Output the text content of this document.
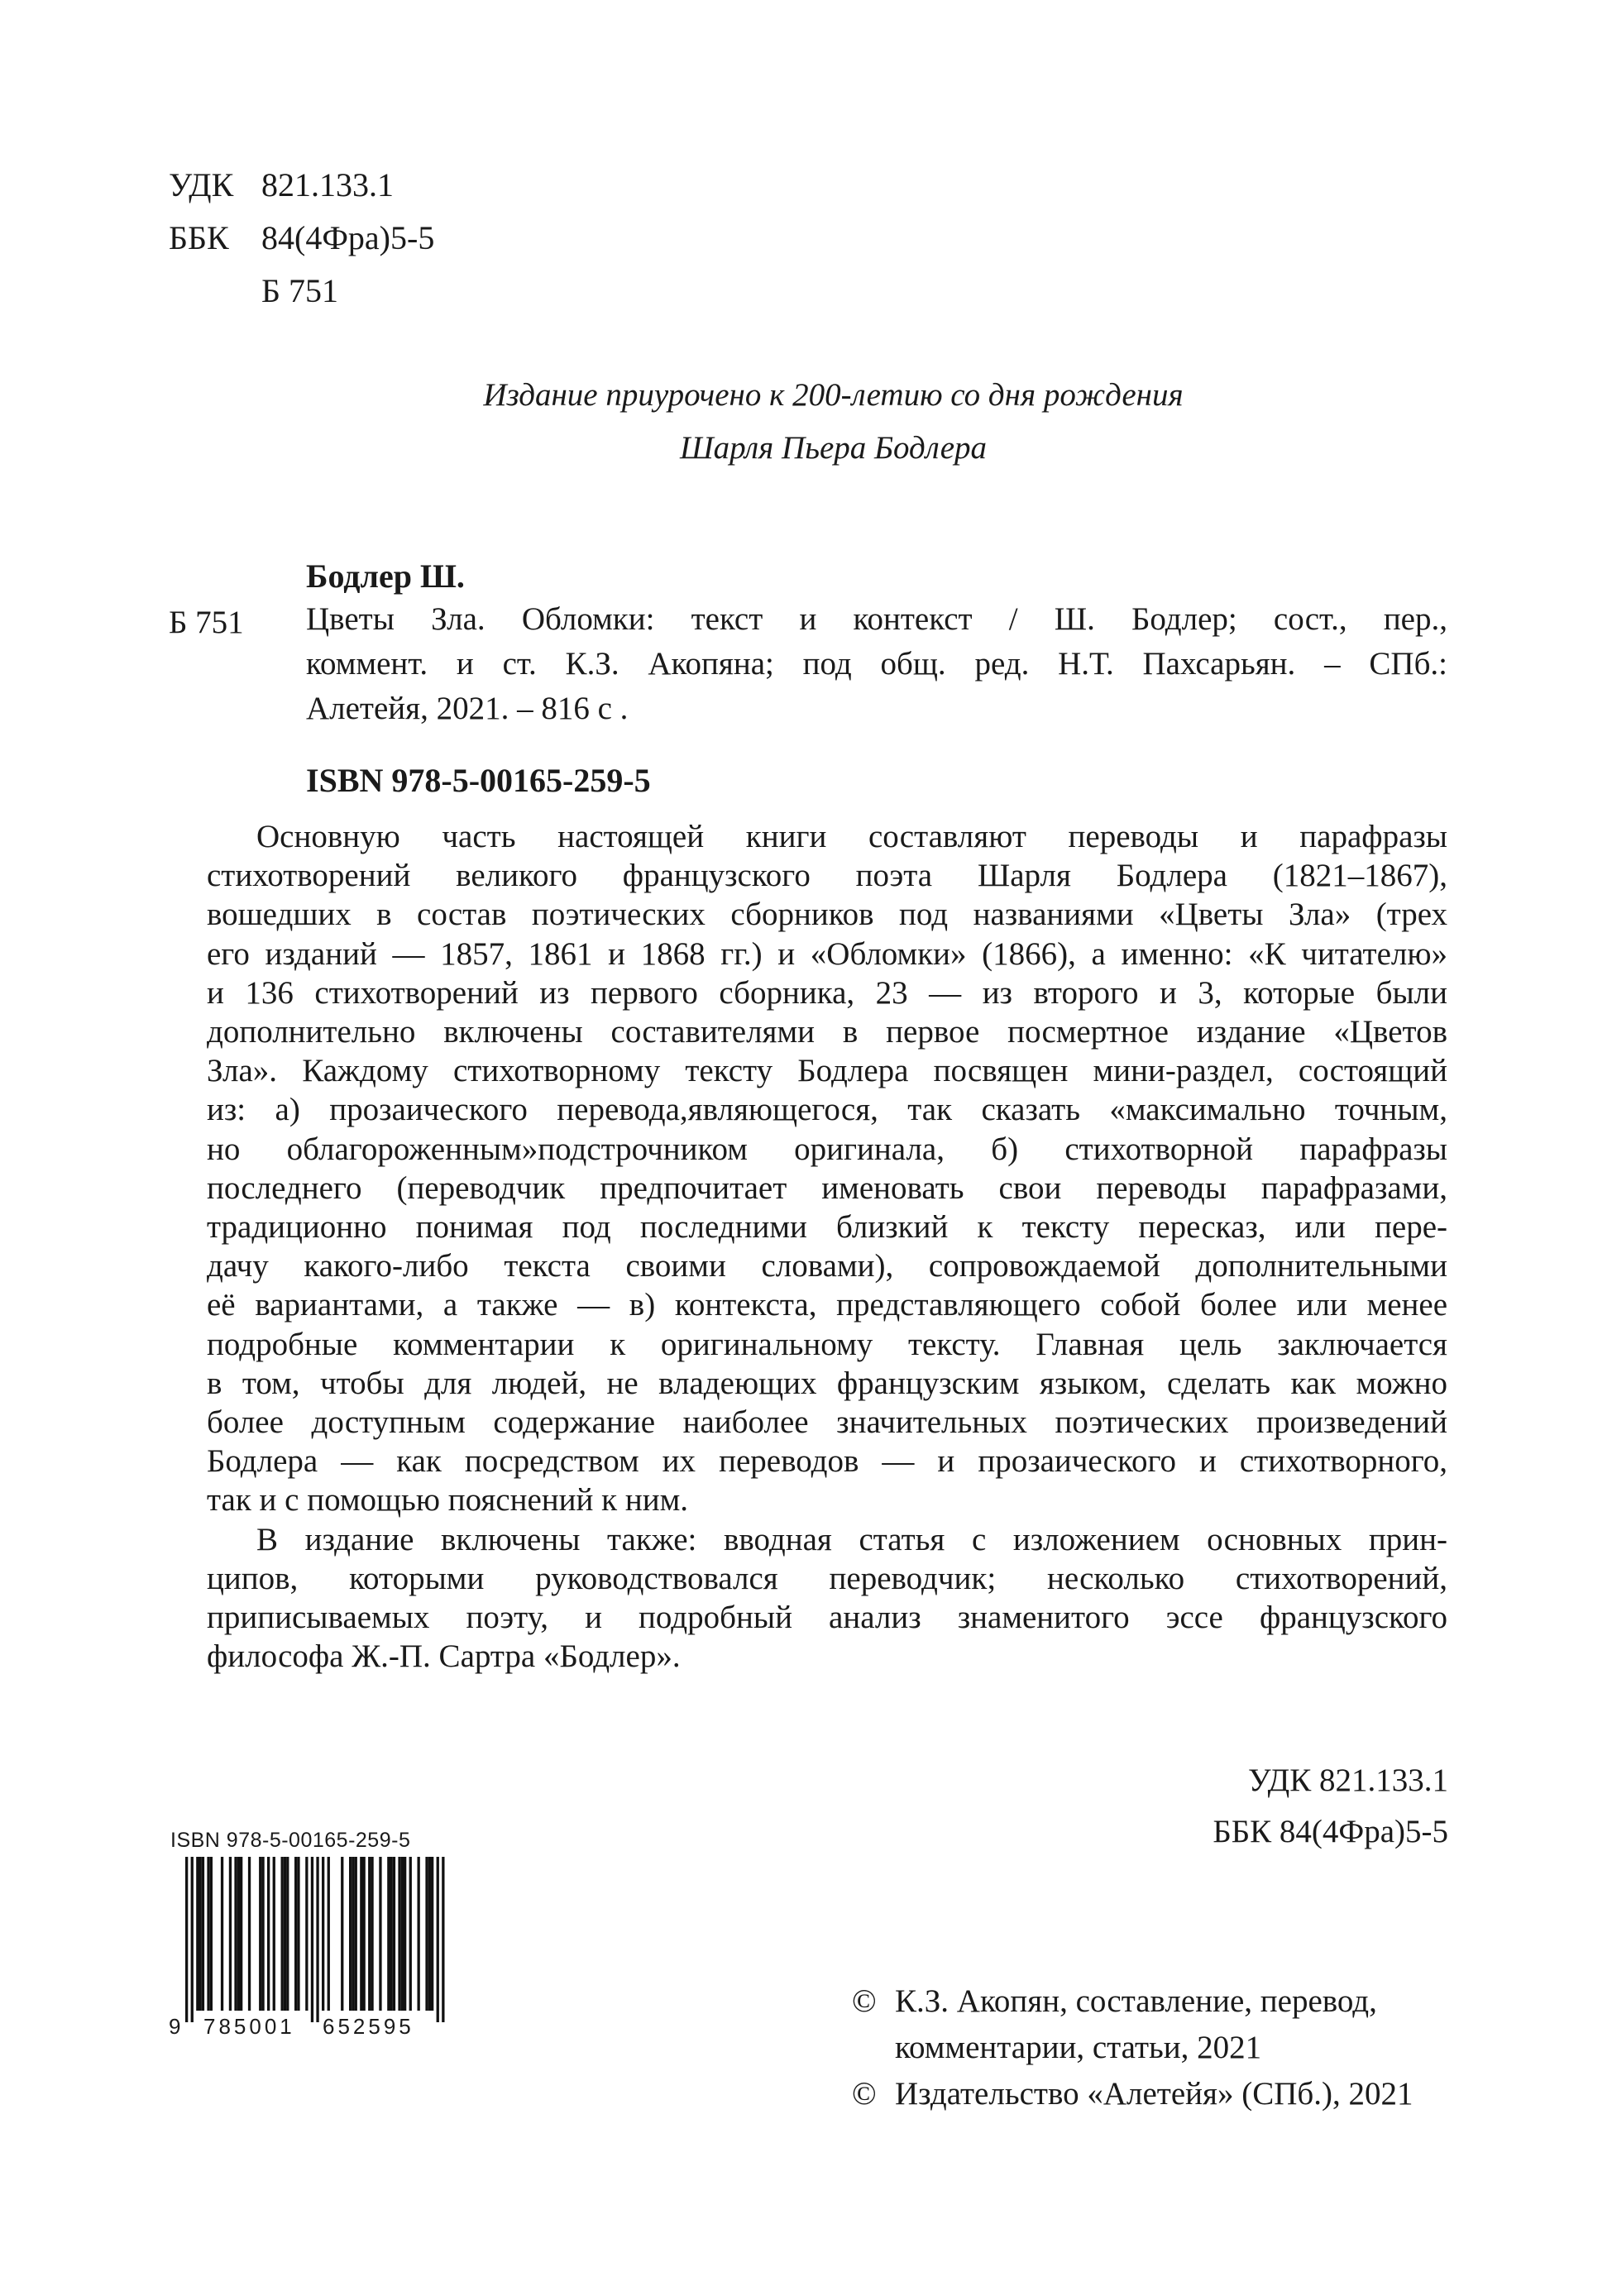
УДК 821.133.1
ББК 84(4Фра)5-5
Б 751
Издание приурочено к 200-летию со дня рождения
Шарля Пьера Бодлера
Бодлер Ш.
Б 751 Цветы Зла. Обломки: текст и контекст / Ш. Бодлер; сост., пер.,
коммент. и ст. К.З. Акопяна; под общ. ред. Н.Т. Пахсарьян. – СПб.:
Алетейя, 2021. – 816 с .
ISBN 978-5-00165-259-5
Основную часть настоящей книги составляют переводы и парафразы
стихотворений великого французского поэта Шарля Бодлера (1821–1867),
вошедших в состав поэтических сборников под названиями «Цветы Зла» (трех
его изданий — 1857, 1861 и 1868 гг.) и «Обломки» (1866), а именно: «К читателю»
и 136 стихотворений из первого сборника, 23 — из второго и 3, которые были
дополнительно включены составителями в первое посмертное издание «Цветов
Зла». Каждому стихотворному тексту Бодлера посвящен мини-раздел, состоящий
из: а) прозаического перевода,являющегося, так сказать «максимально точным,
но облагороженным»подстрочником оригинала, б) стихотворной парафразы
последнего (переводчик предпочитает именовать свои переводы парафразами,
традиционно понимая под последними близкий к тексту пересказ, или пере-
дачу какого-либо текста своими словами), сопровождаемой дополнительными
её вариантами, а также — в) контекста, представляющего собой более или менее
подробные комментарии к оригинальному тексту. Главная цель заключается
в том, чтобы для людей, не владеющих французским языком, сделать как можно
более доступным содержание наиболее значительных поэтических произведений
Бодлера — как посредством их переводов — и прозаического и стихотворного,
так и с помощью пояснений к ним.
В издание включены также: вводная статья с изложением основных прин-
ципов, которыми руководствовался переводчик; несколько стихотворений,
приписываемых поэту, и подробный анализ знаменитого эссе французского
философа Ж.-П. Сартра «Бодлер».
УДК 821.133.1
ББК 84(4Фра)5-5
ISBN 978-5-00165-259-5
9 785001 652595
© К.З. Акопян, составление, перевод,
комментарии, статьи, 2021
© Издательство «Алетейя» (СПб.), 2021
